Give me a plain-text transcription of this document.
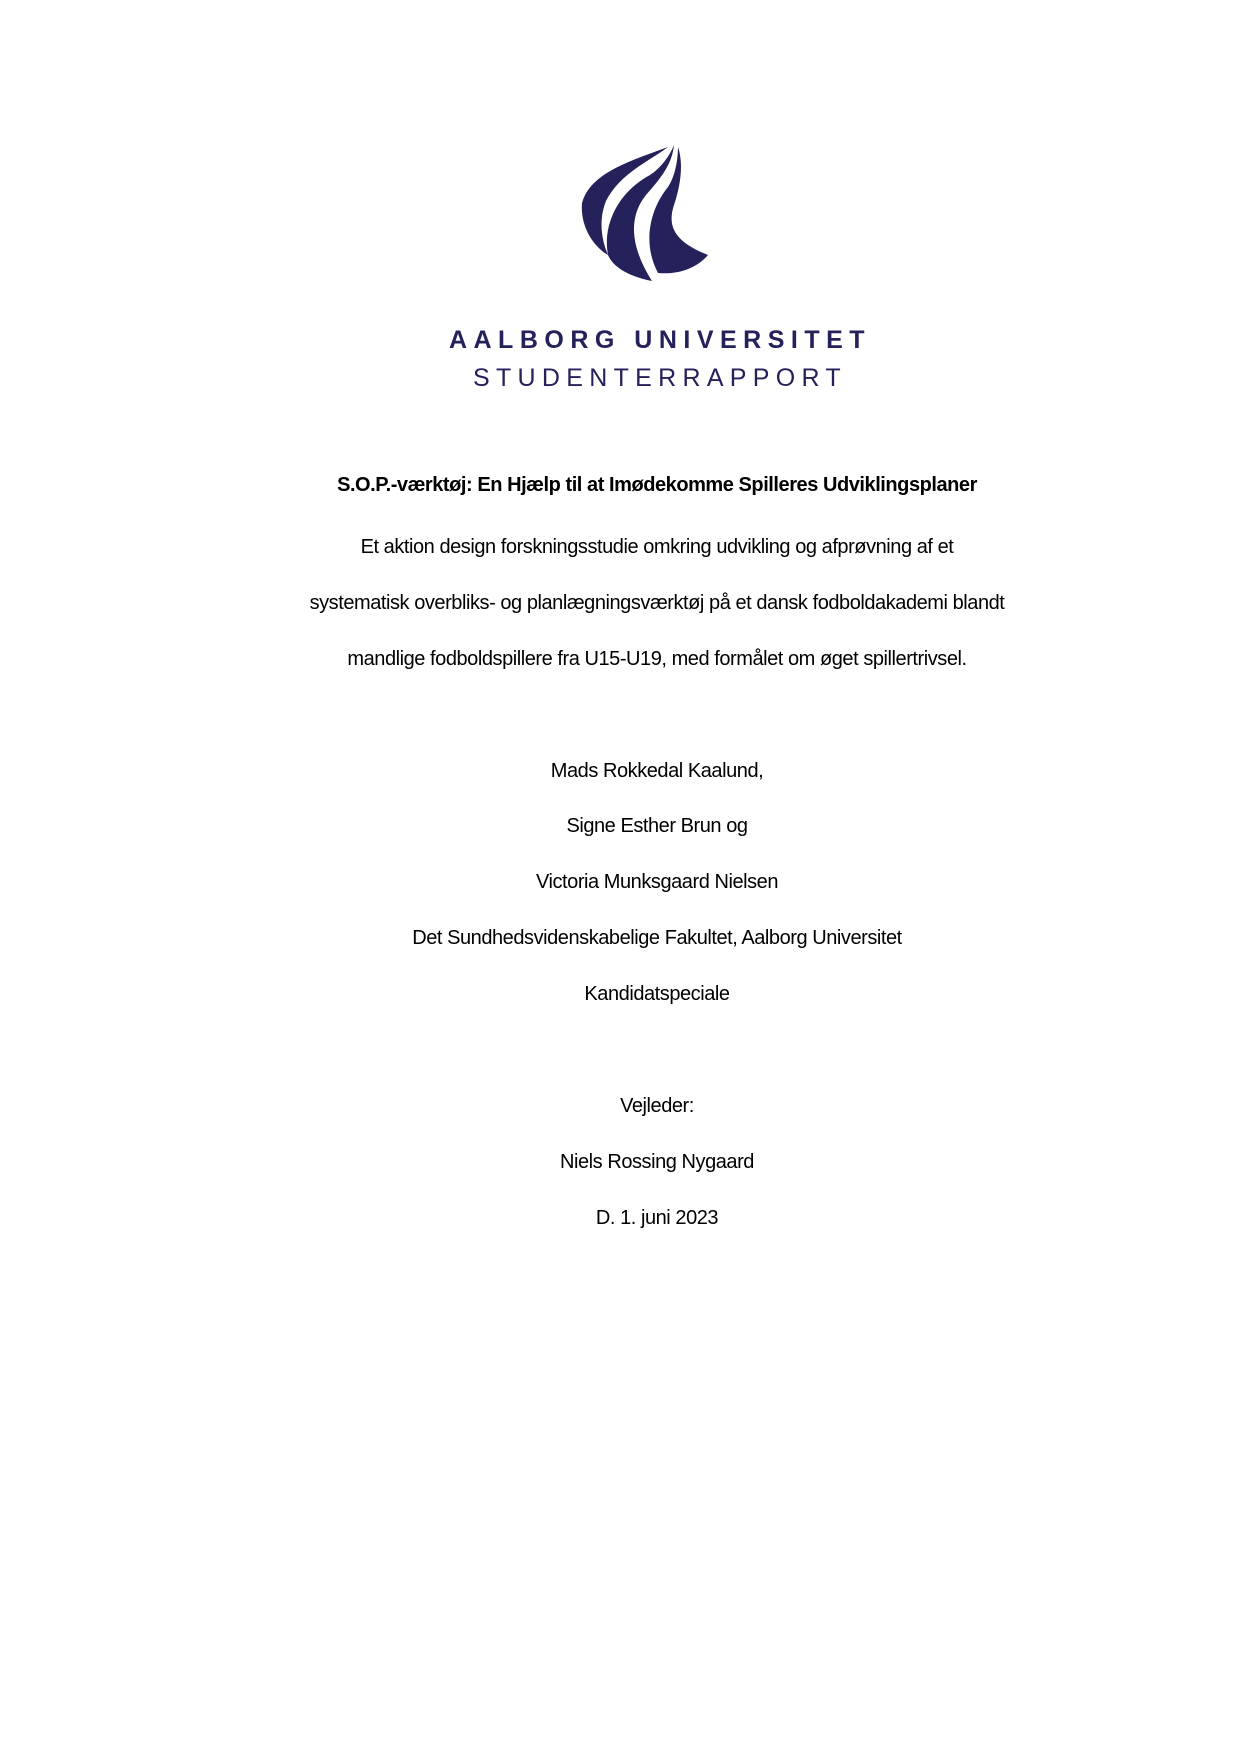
AALBORG UNIVERSITET
STUDENTERRAPPORT
S.O.P.-værktøj: En Hjælp til at Imødekomme Spilleres Udviklingsplaner
Et aktion design forskningsstudie omkring udvikling og afprøvning af et
systematisk overbliks- og planlægningsværktøj på et dansk fodboldakademi blandt
mandlige fodboldspillere fra U15-U19, med formålet om øget spillertrivsel.
Mads Rokkedal Kaalund,
Signe Esther Brun og
Victoria Munksgaard Nielsen
Det Sundhedsvidenskabelige Fakultet, Aalborg Universitet
Kandidatspeciale
Vejleder:
Niels Rossing Nygaard
D. 1. juni 2023
